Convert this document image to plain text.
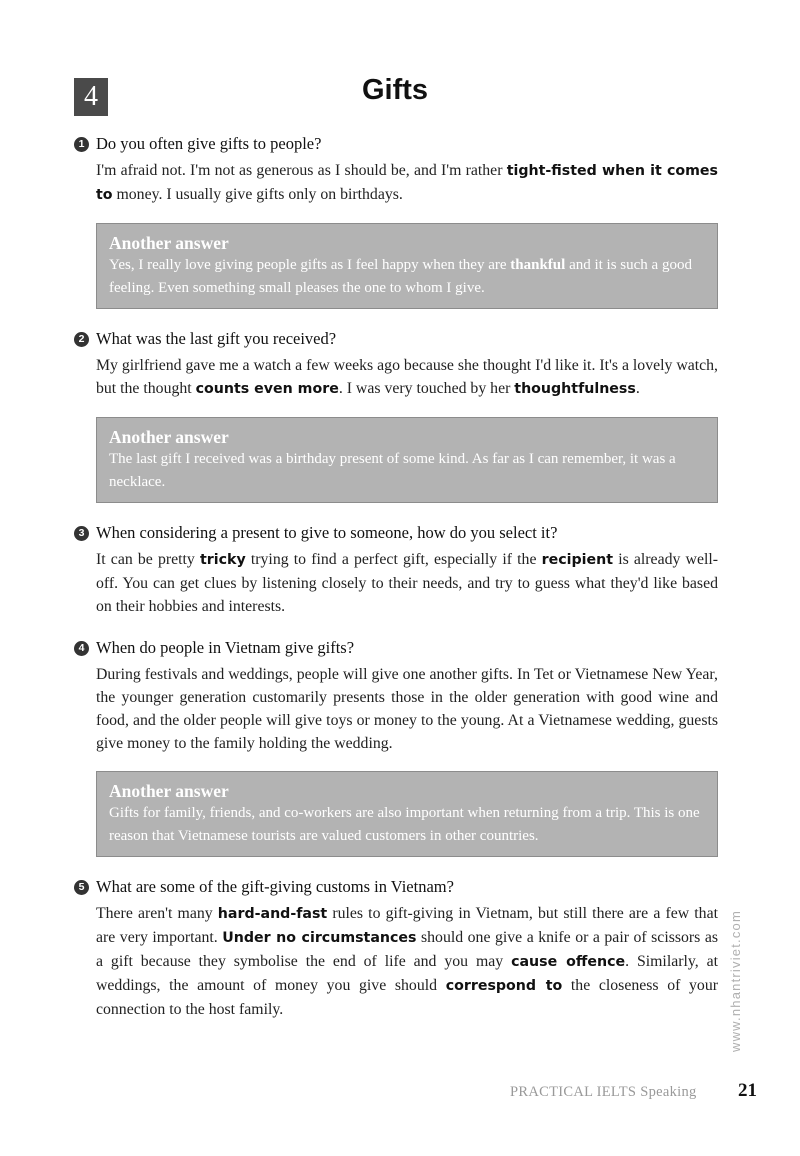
4	Gifts
1 Do you often give gifts to people?

I'm afraid not. I'm not as generous as I should be, and I'm rather tight-fisted when it comes to money. I usually give gifts only on birthdays.

Another answer
Yes, I really love giving people gifts as I feel happy when they are thankful and it is such a good feeling. Even something small pleases the one to whom I give.
2 What was the last gift you received?

My girlfriend gave me a watch a few weeks ago because she thought I'd like it. It's a lovely watch, but the thought counts even more. I was very touched by her thoughtfulness.

Another answer
The last gift I received was a birthday present of some kind. As far as I can remember, it was a necklace.
3 When considering a present to give to someone, how do you select it?

It can be pretty tricky trying to find a perfect gift, especially if the recipient is already well-off. You can get clues by listening closely to their needs, and try to guess what they'd like based on their hobbies and interests.

4 When do people in Vietnam give gifts?

During festivals and weddings, people will give one another gifts. In Tet or Vietnamese New Year, the younger generation customarily presents those in the older generation with good wine and food, and the older people will give toys or money to the young. At a Vietnamese wedding, guests give money to the family holding the wedding.

Another answer
Gifts for family, friends, and co-workers are also important when returning from a trip. This is one reason that Vietnamese tourists are valued customers in other countries.
5 What are some of the gift-giving customs in Vietnam?

There aren't many hard-and-fast rules to gift-giving in Vietnam, but still there are a few that are very important. Under no circumstances should one give a knife or a pair of scissors as a gift because they symbolise the end of life and you may cause offence. Similarly, at weddings, the amount of money you give should correspond to the closeness of your connection to the host family.	www.nhantriviet.com
PRACTICAL IELTS Speaking 21
